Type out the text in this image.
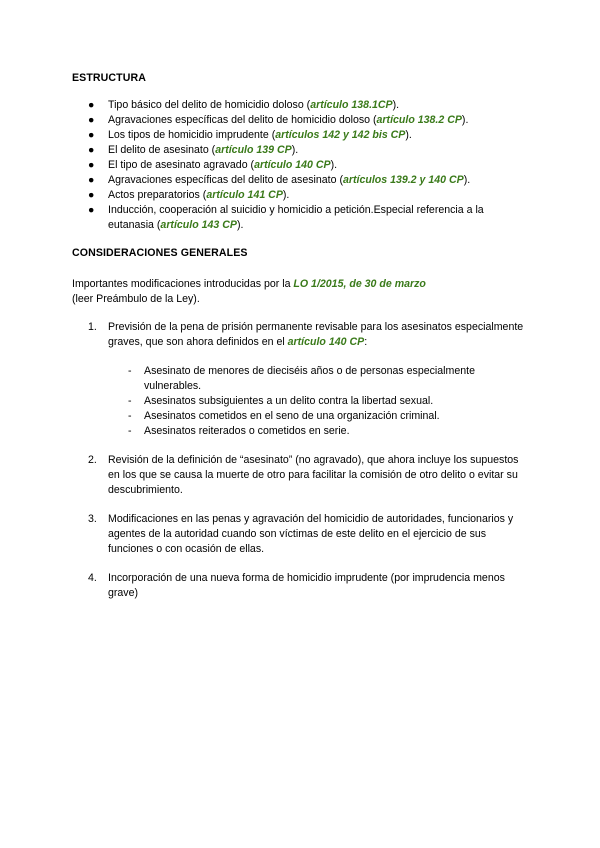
ESTRUCTURA
● Tipo básico del delito de homicidio doloso (artículo 138.1CP).
● Agravaciones específicas del delito de homicidio doloso (artículo 138.2 CP).
● Los tipos de homicidio imprudente (artículos 142 y 142 bis CP).
● El delito de asesinato (artículo 139 CP).
● El tipo de asesinato agravado (artículo 140 CP).
● Agravaciones específicas del delito de asesinato (artículos 139.2 y 140 CP).
● Actos preparatorios (artículo 141 CP).
● Inducción, cooperación al suicidio y homicidio a petición.Especial referencia a la eutanasia (artículo 143 CP).
CONSIDERACIONES GENERALES
Importantes modificaciones introducidas por la LO 1/2015, de 30 de marzo
(leer Preámbulo de la Ley).
1. Previsión de la pena de prisión permanente revisable para los asesinatos especialmente graves, que son ahora definidos en el artículo 140 CP:
- Asesinato de menores de dieciséis años o de personas especialmente vulnerables.
- Asesinatos subsiguientes a un delito contra la libertad sexual.
- Asesinatos cometidos en el seno de una organización criminal.
- Asesinatos reiterados o cometidos en serie.
2. Revisión de la definición de “asesinato” (no agravado), que ahora incluye los supuestos en los que se causa la muerte de otro para facilitar la comisión de otro delito o evitar su descubrimiento.
3. Modificaciones en las penas y agravación del homicidio de autoridades, funcionarios y agentes de la autoridad cuando son víctimas de este delito en el ejercicio de sus funciones o con ocasión de ellas.
4. Incorporación de una nueva forma de homicidio imprudente (por imprudencia menos grave)
